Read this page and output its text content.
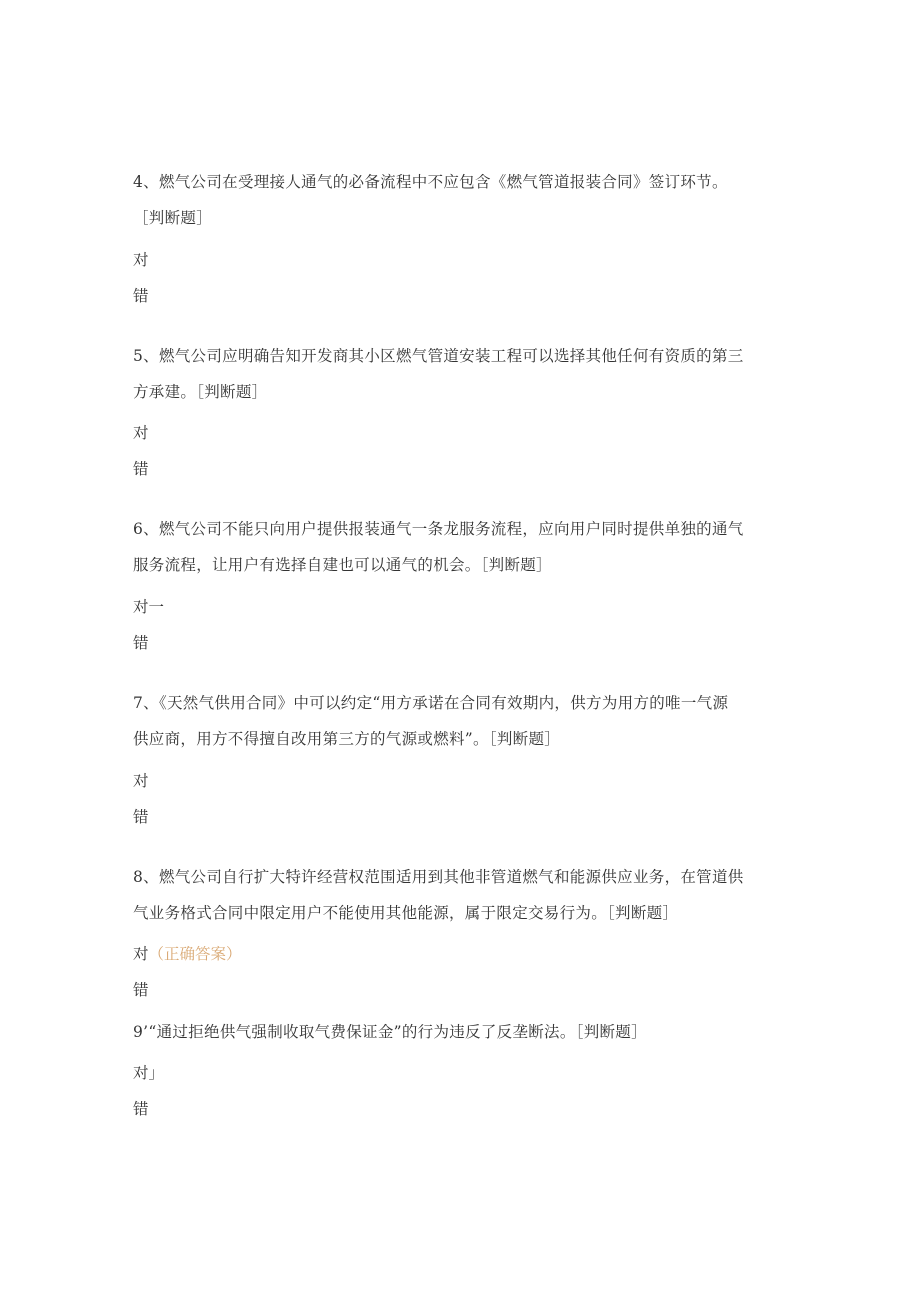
4、燃气公司在受理接人通气的必备流程中不应包含《燃气管道报装合同》签订环节。
［判断题］
对
错
5、燃气公司应明确告知开发商其小区燃气管道安装工程可以选择其他任何有资质的第三
方承建。［判断题］
对
错
6、燃气公司不能只向用户提供报装通气一条龙服务流程，应向用户同时提供单独的通气
服务流程，让用户有选择自建也可以通气的机会。［判断题］
对一
错
7、《天然气供用合同》中可以约定“用方承诺在合同有效期内，供方为用方的唯一气源
供应商，用方不得擅自改用第三方的气源或燃料”。［判断题］
对
错
8、燃气公司自行扩大特许经营权范围适用到其他非管道燃气和能源供应业务，在管道供
气业务格式合同中限定用户不能使用其他能源，属于限定交易行为。［判断题］
对（正确答案）
错
9’“通过拒绝供气强制收取气费保证金”的行为违反了反垄断法。［判断题］
对」
错
